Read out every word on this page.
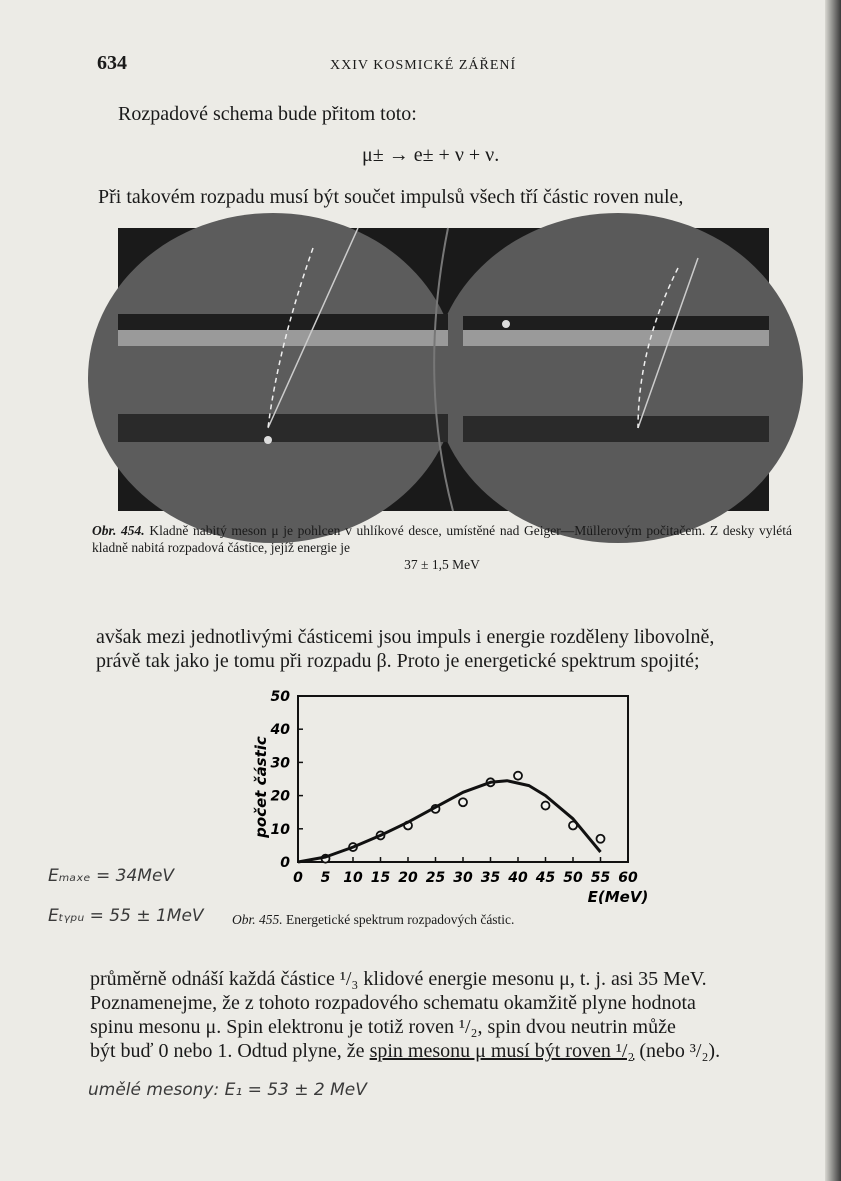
634	XXIV KOSMICKÉ ZÁŘENÍ
Rozpadové schema bude přitom toto:
μ± → e± + ν + ν.
Při takovém rozpadu musí být součet impulsů všech tří částic roven nule,
Obr. 454. Kladně nabitý meson μ je pohlcen v uhlíkové desce, umístěné nad Geiger—Müllerovým počitačem. Z desky vylétá kladně nabitá rozpadová částice, jejíž energie je
37 ± 1,5 MeV
avšak mezi jednotlivými částicemi jsou impuls i energie rozděleny libovolně,
právě tak jako je tomu při rozpadu β. Proto je energetické spektrum spojité;
0 5 10 15 20 25 30 35 40 45 50 55 60
0
10
20
30
40
50
E(MeV)
počet částic
Obr. 455. Energetické spektrum rozpadových částic.
průměrně odnáší každá částice ¹/₃ klidové energie mesonu μ, t. j. asi 35 MeV.
Poznamenejme, že z tohoto rozpadového schematu okamžitě plyne hodnota
spinu mesonu μ. Spin elektronu je totiž roven ¹/₂, spin dvou neutrin může
být buď 0 nebo 1. Odtud plyne, že spin mesonu μ musí být roven ¹/₂ (nebo ³/₂).
Eₘₐₓₑ = 34MeV
Eₜᵧₚᵤ = 55 ± 1MeV
umělé mesony: E₁ = 53 ± 2 MeV
